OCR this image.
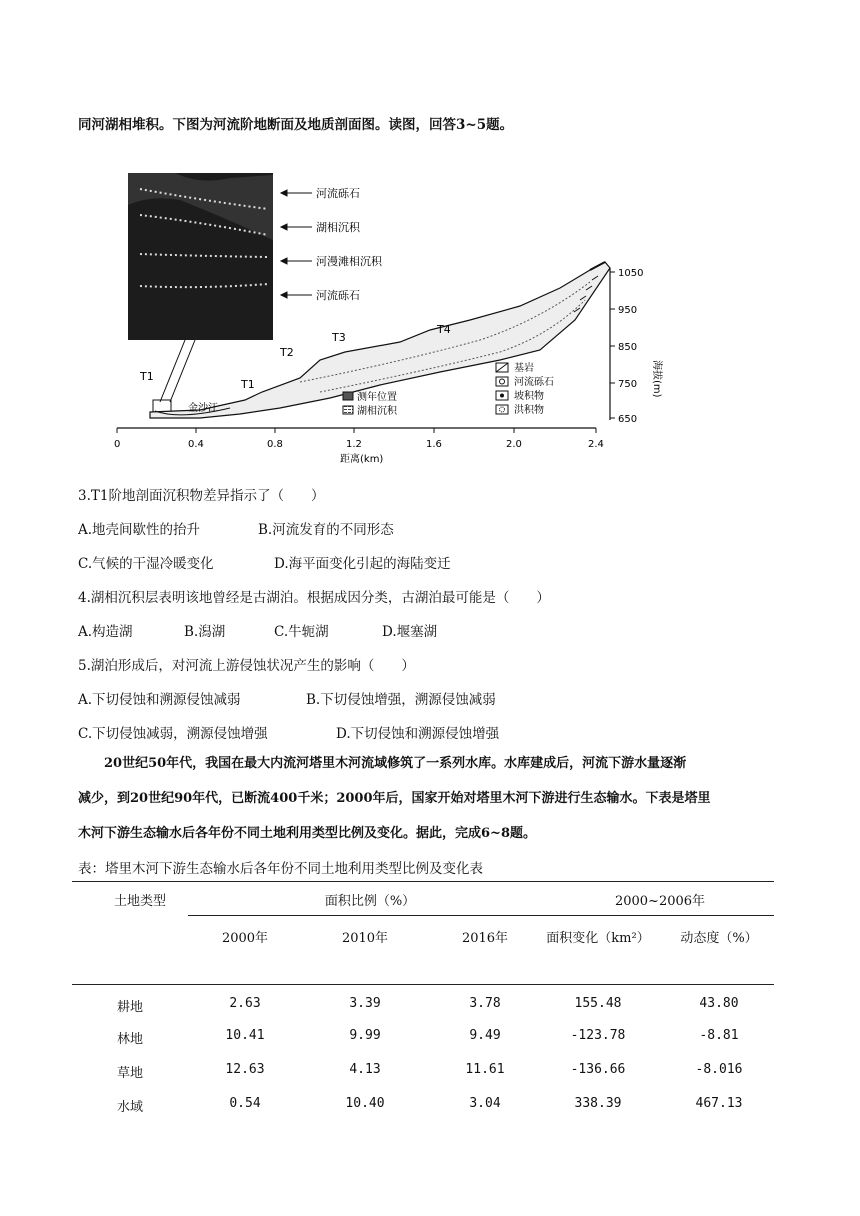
同河湖相堆积。下图为河流阶地断面及地质剖面图。读图，回答3~5题。
河流砾石
湖相沉积
河漫滩相沉积
河流砾石
T1
T2
T3
T4
T1
金沙江
0	0.4	0.8	1.2	1.6	2.0	2.4
距离(km)
1050
950
850
750
650
海拔(m)
测年位置
湖相沉积
基岩
河流砾石
坡积物
洪积物
3.T1阶地剖面沉积物差异指示了（　　）
A.地壳间歇性的抬升	B.河流发育的不同形态
C.气候的干湿冷暖变化	D.海平面变化引起的海陆变迁
4.湖相沉积层表明该地曾经是古湖泊。根据成因分类，古湖泊最可能是（　　）
A.构造湖	B.潟湖	C.牛轭湖	D.堰塞湖
5.湖泊形成后，对河流上游侵蚀状况产生的影响（　　）
A.下切侵蚀和溯源侵蚀减弱	B.下切侵蚀增强，溯源侵蚀减弱
C.下切侵蚀减弱，溯源侵蚀增强	D.下切侵蚀和溯源侵蚀增强
20世纪50年代，我国在最大内流河塔里木河流域修筑了一系列水库。水库建成后，河流下游水量逐渐
减少，到20世纪90年代，已断流400千米；2000年后，国家开始对塔里木河下游进行生态输水。下表是塔里
木河下游生态输水后各年份不同土地利用类型比例及变化。据此，完成6~8题。
表：塔里木河下游生态输水后各年份不同土地利用类型比例及变化表
土地类型	面积比例（%）	2000~2006年
2000年	2010年	2016年	面积变化（km²）	动态度（%）
耕地	2.63	3.39	3.78	155.48	43.80
林地	10.41	9.99	9.49	-123.78	-8.81
草地	12.63	4.13	11.61	-136.66	-8.016
水域	0.54	10.40	3.04	338.39	467.13
